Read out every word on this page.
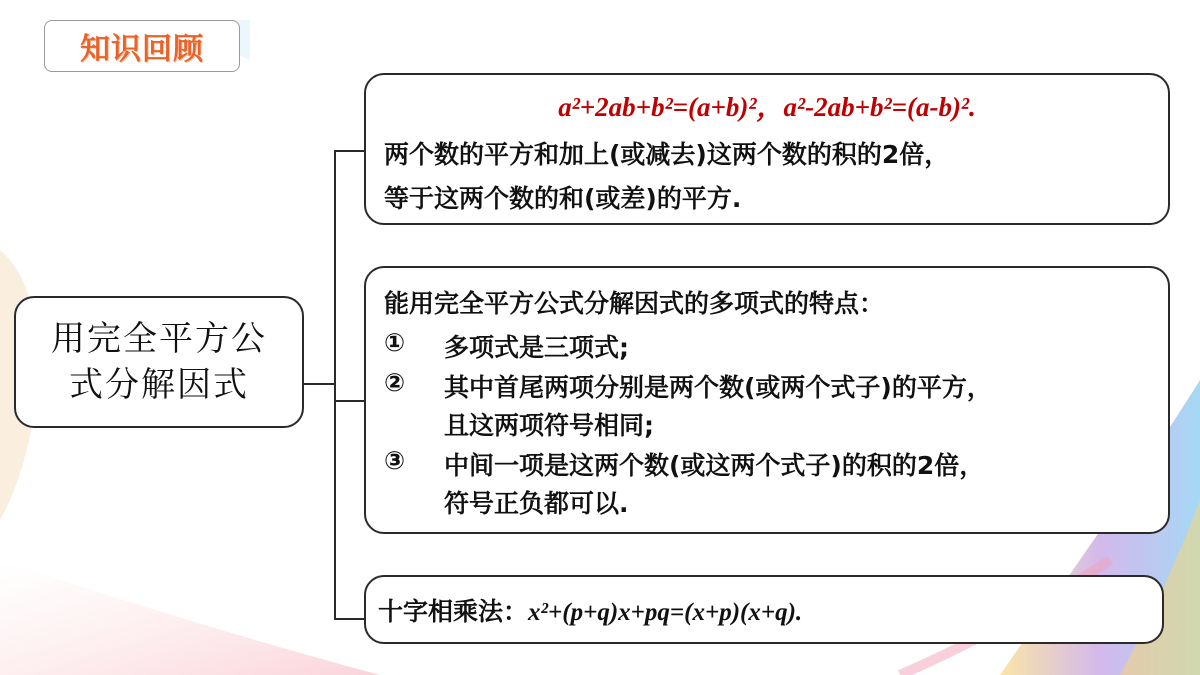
知识回顾
用完全平方公
式分解因式
a²+2ab+b²=(a+b)²，a²-2ab+b²=(a-b)².
两个数的平方和加上(或减去)这两个数的积的2倍，
等于这两个数的和(或差)的平方.
能用完全平方公式分解因式的多项式的特点：
① 多项式是三项式;
② 其中首尾两项分别是两个数(或两个式子)的平方，
且这两项符号相同;
③ 中间一项是这两个数(或这两个式子)的积的2倍，
符号正负都可以.
十字相乘法：x²+(p+q)x+pq=(x+p)(x+q).
